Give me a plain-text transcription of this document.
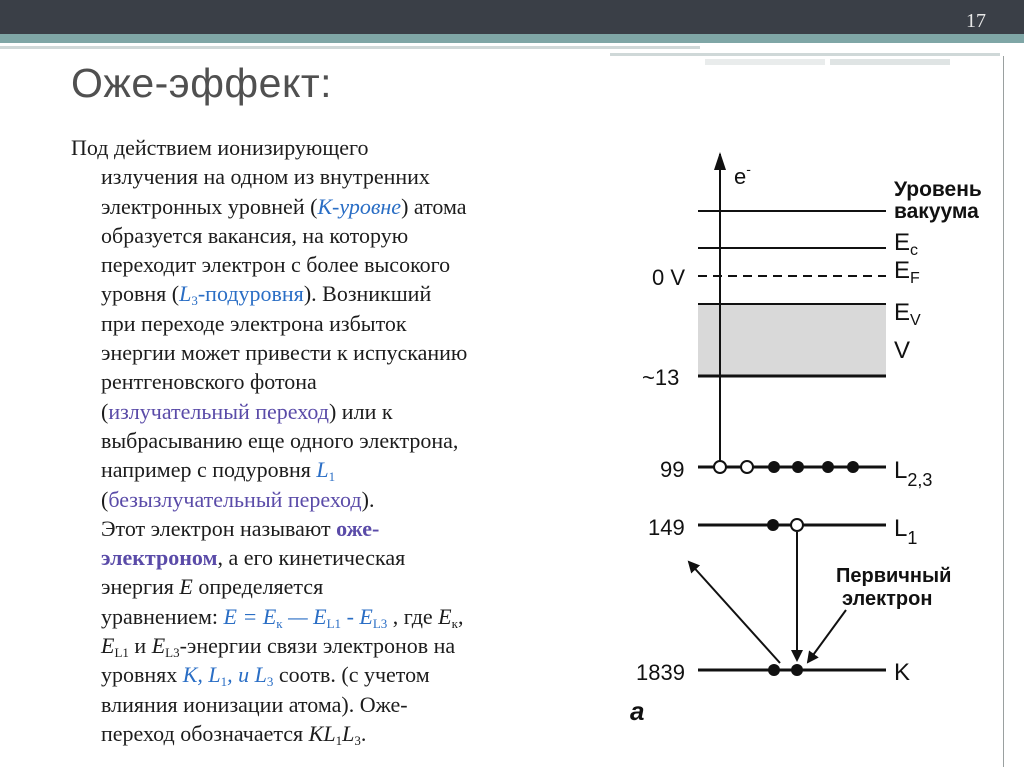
17
Оже-эффект:

Под действием ионизирующего

излучения на одном из внутренних

электронных уровней (К-уровне) атома

образуется вакансия, на которую

переходит электрон с более высокого

уровня $(L_3-подуровня)$. Возникший

при переходе электрона избыток

энергии может привести к испусканию

рентгеновского фотона

(излучательный переход) или к

выбрасыванию еще одного электрона,

например с подуровня $L_1$

(безызлучательный переход).

Этот электрон называют оже-

электроном, а его кинетическая

энергия E определяется

уравнением: $E = E_к$ — $E_{L1} - E_{L3}$ , где $E_к$,

$E_{L1}$ и $E_{L3}$-энергии связи электронов на

уровнях К, $L_1$, и $L_3$ соотв. (с учетом

влияния ионизации атома). Оже-

переход обозначается $KL_1L_3$.

e-
0 V
~13
99
149
1839
Уровень
вакуума
$E_c$
$E_F$
$E_V$
V
$L_{2,3}$
$L_1$
K
Первичный
электрон
a
